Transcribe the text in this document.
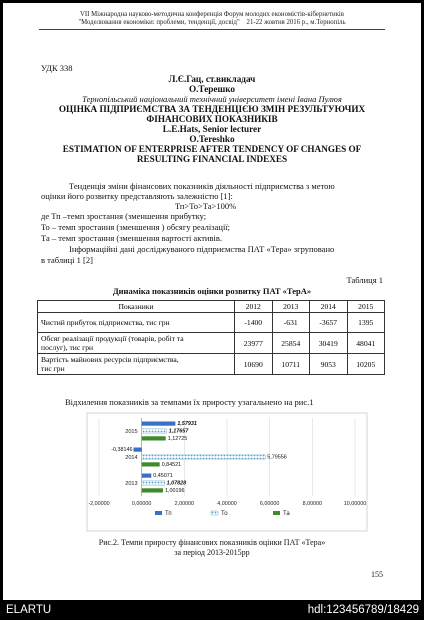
VII Міжнародна науково-методична конференція Форум молодих економістів-кібернетиків
"Моделювання економіки: проблеми, тенденції, досвід"    21-22 жовтня 2016 р., м.Тернопіль
УДК 338
Л.Є.Гац, ст.викладач
О.Терешко
Тернопільський національний технічний університет імені Івана Пулюя
ОЦІНКА ПІДПРИЄМСТВА ЗА ТЕНДЕНЦІЄЮ ЗМІН РЕЗУЛЬТУЮЧИХ
ФІНАНСОВИХ ПОКАЗНИКІВ
L.E.Hats, Senior lecturer
O.Tereshko
ESTIMATION OF ENTERPRISE AFTER TENDENCY OF CHANGES OF
RESULTING FINANCIAL INDEXES
Тенденція зміни фінансових показників діяльності підприємства з метою
оцінки його розвитку представляють залежністю [1]:
Тп>То>Та>100%
де Тп –темп зростання (зменшення прибутку;
То – темп зростання (зменшення ) обсягу реалізації;
Та – темп зростання (зменшення вартості активів.
Інформаційні дані досліджуваного підприємства ПАТ «Тера» згруповано
в таблиці 1 [2]
Таблиця 1
Динаміка показників оцінки розвитку ПАТ «ТерА»
Показники	2012	2013	2014	2015
Чистий прибуток підприємства, тис грн	-1400	-631	-3657	1395

Обсяг реалізації продукції (товарів, робіт та
послуг), тис грн	23977	25854	30419	48041

Вартість майнових ресурсів підприємства,
тис грн	10690	10711	9053	10205
Відхилення показників за темпами їх приросту узагальнено на рис.1
-2,00000	0,00000	2,00000	4,00000	6,00000	8,00000	10,00000
2013
0,45071
1,07828
1,00196
2014
-0,38146
5,79556
0,84521
2015
1,57931
1,17657
1,12725
Тп	То	Та
Рис.2. Темпи приросту фінансових показників оцінки ПАТ «Тера»
за період 2013-2015рр
155
ELARTU	hdl:123456789/18429
